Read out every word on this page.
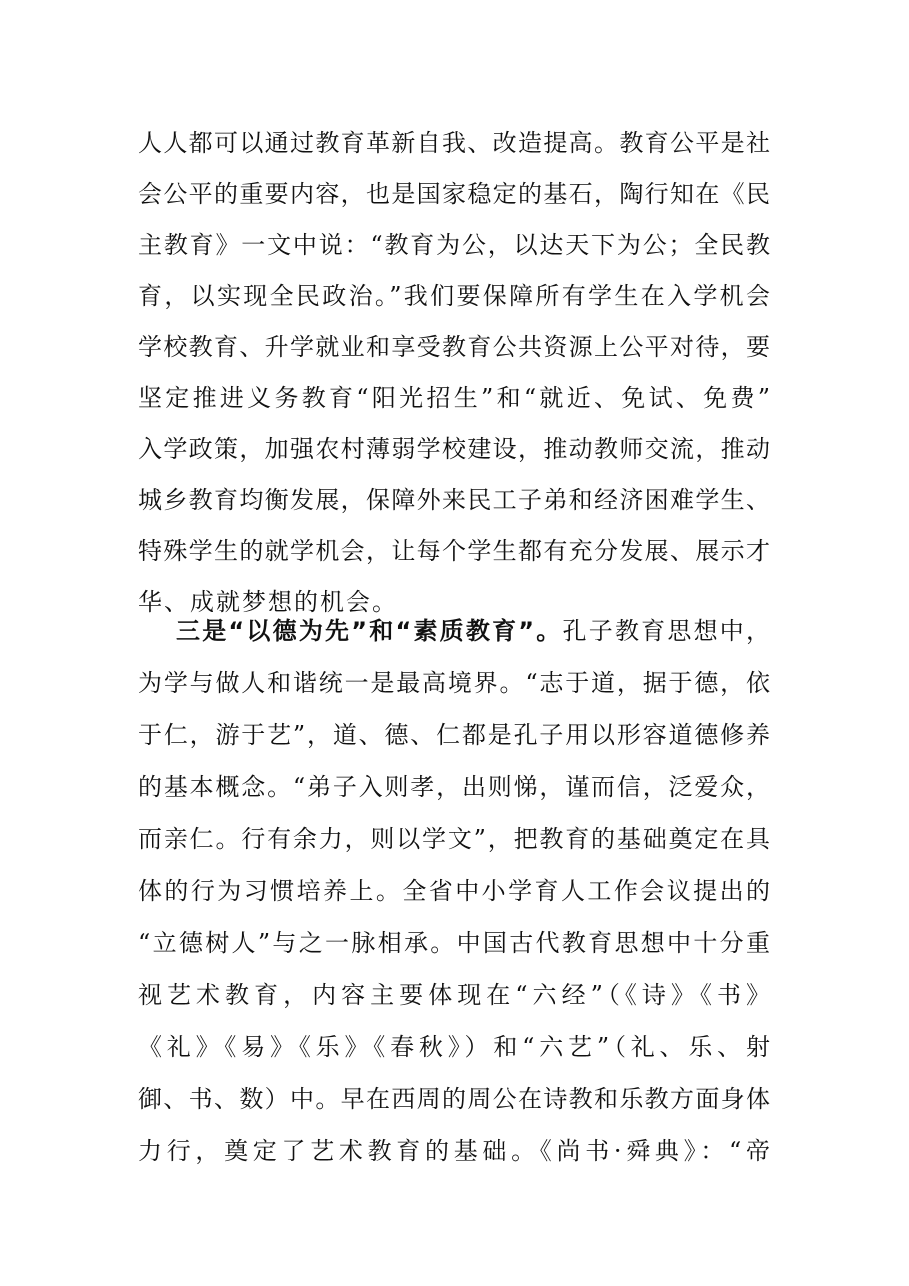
人人都可以通过教育革新自我、改造提高。教育公平是社
会公平的重要内容，也是国家稳定的基石，陶行知在《民
主教育》一文中说：“教育为公，以达天下为公；全民教
育，以实现全民政治。”我们要保障所有学生在入学机会
学校教育、升学就业和享受教育公共资源上公平对待，要
坚定推进义务教育“阳光招生”和“就近、免试、免费”
入学政策，加强农村薄弱学校建设，推动教师交流，推动
城乡教育均衡发展，保障外来民工子弟和经济困难学生、
特殊学生的就学机会，让每个学生都有充分发展、展示才
华、成就梦想的机会。
三是“以德为先”和“素质教育”。孔子教育思想中，
为学与做人和谐统一是最高境界。“志于道，据于德，依
于仁，游于艺”，道、德、仁都是孔子用以形容道德修养
的基本概念。“弟子入则孝，出则悌，谨而信，泛爱众，
而亲仁。行有余力，则以学文”，把教育的基础奠定在具
体的行为习惯培养上。全省中小学育人工作会议提出的
“立德树人”与之一脉相承。中国古代教育思想中十分重
视艺术教育，内容主要体现在“六经”（《诗》《书》
《礼》《易》《乐》《春秋》）和“六艺”（礼、乐、射
御、书、数）中。早在西周的周公在诗教和乐教方面身体
力行，奠定了艺术教育的基础。《尚书·舜典》：“帝
